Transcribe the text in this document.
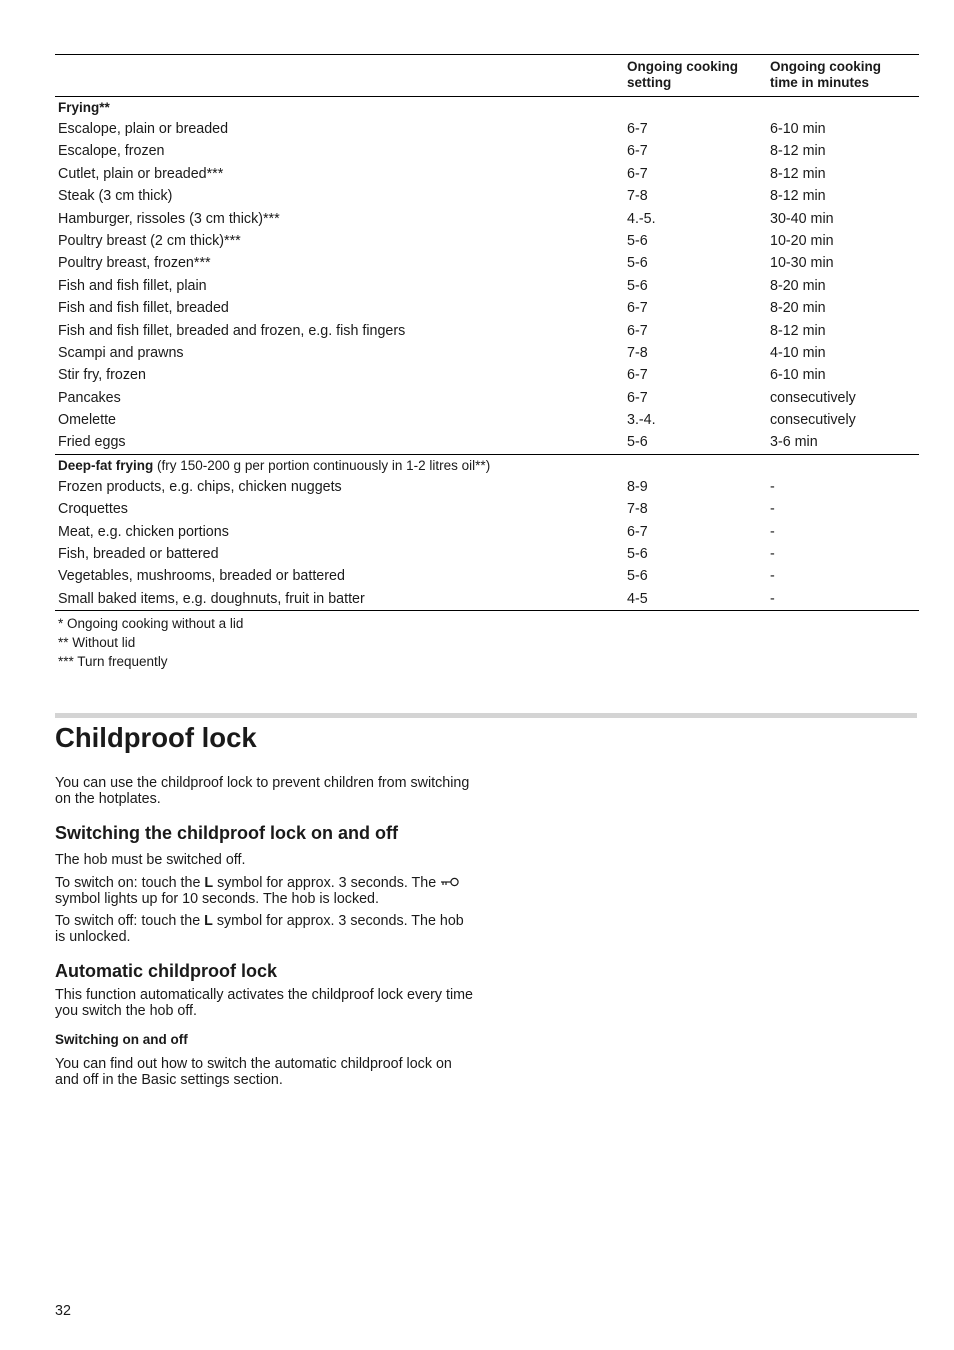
Ongoing cooking
setting
Ongoing cooking
time in minutes
Frying**
Escalope, plain or breaded	6-7	6-10 min
Escalope, frozen	6-7	8-12 min
Cutlet, plain or breaded***	6-7	8-12 min
Steak (3 cm thick)	7-8	8-12 min
Hamburger, rissoles (3 cm thick)***	4.-5.	30-40 min
Poultry breast (2 cm thick)***	5-6	10-20 min
Poultry breast, frozen***	5-6	10-30 min
Fish and fish fillet, plain	5-6	8-20 min
Fish and fish fillet, breaded	6-7	8-20 min
Fish and fish fillet, breaded and frozen, e.g. fish fingers	6-7	8-12 min
Scampi and prawns	7-8	4-10 min
Stir fry, frozen	6-7	6-10 min
Pancakes	6-7	consecutively
Omelette	3.-4.	consecutively
Fried eggs	5-6	3-6 min
Deep-fat frying (fry 150-200 g per portion continuously in 1-2 litres oil**)
Frozen products, e.g. chips, chicken nuggets	8-9	-
Croquettes	7-8	-
Meat, e.g. chicken portions	6-7	-
Fish, breaded or battered	5-6	-
Vegetables, mushrooms, breaded or battered	5-6	-
Small baked items, e.g. doughnuts, fruit in batter	4-5	-
* Ongoing cooking without a lid
** Without lid
*** Turn frequently
Childproof lock

You can use the childproof lock to prevent children from switching on the hotplates.

Switching the childproof lock on and off

The hob must be switched off.

To switch on: touch the L symbol for approx. 3 seconds. The  symbol lights up for 10 seconds. The hob is locked.

To switch off: touch the L symbol for approx. 3 seconds. The hob is unlocked.

Automatic childproof lock

This function automatically activates the childproof lock every time you switch the hob off.

Switching on and off

You can find out how to switch the automatic childproof lock on and off in the Basic settings section.

32
